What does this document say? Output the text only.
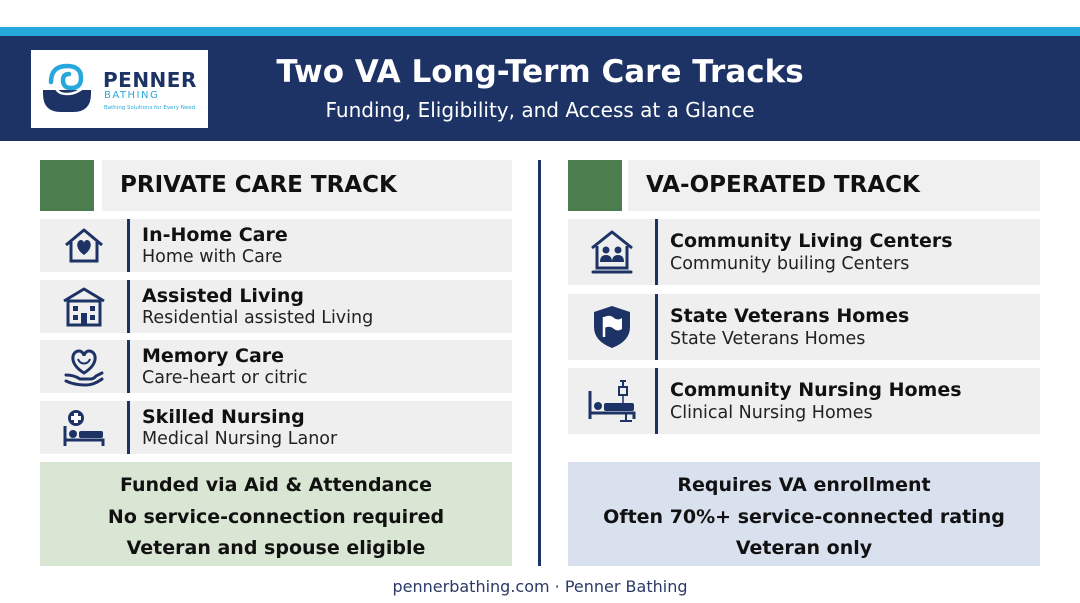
PENNER
BATHING
Bathing Solutions for Every Need
Two VA Long-Term Care Tracks
Funding, Eligibility, and Access at a Glance
PRIVATE CARE TRACK
In-Home Care
Home with Care
Assisted Living
Residential assisted Living
Memory Care
Care-heart or citric
Skilled Nursing
Medical Nursing Lanor
Funded via Aid & Attendance
No service-connection required
Veteran and spouse eligible
VA-OPERATED TRACK
Community Living Centers
Community builing Centers
State Veterans Homes
State Veterans Homes
Community Nursing Homes
Clinical Nursing Homes
Requires VA enrollment
Often 70%+ service-connected rating
Veteran only
pennerbathing.com · Penner Bathing
